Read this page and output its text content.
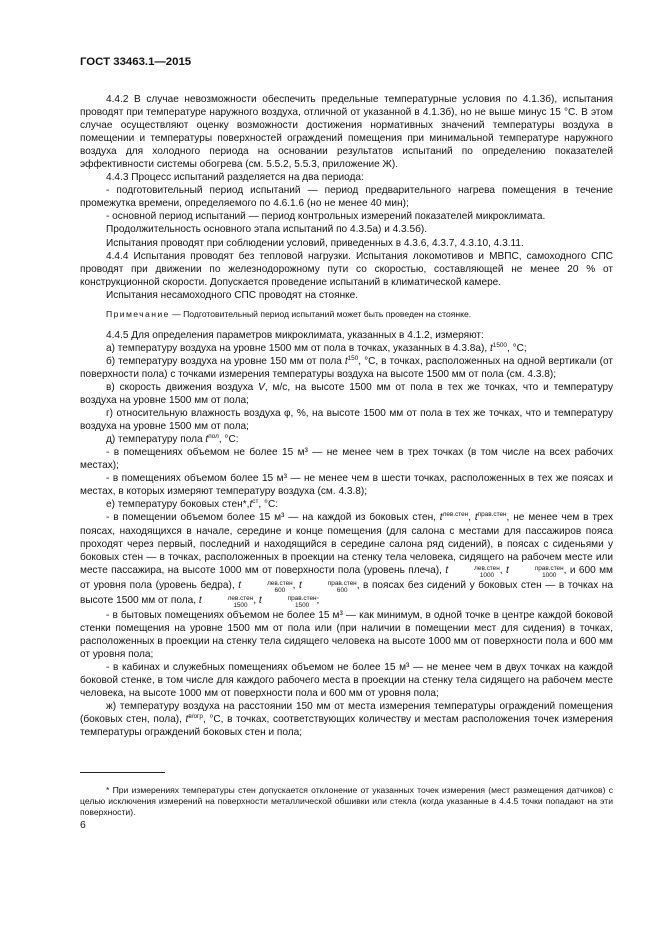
ГОСТ 33463.1—2015

4.4.2 В случае невозможности обеспечить предельные температурные условия по 4.1.3б), испытания проводят при температуре наружного воздуха, отличной от указанной в 4.1.3б), но не выше минус 15 °С. В этом случае осуществляют оценку возможности достижения нормативных значений температуры воздуха в помещении и температуры поверхностей ограждений помещения при минимальной температуре наружного воздуха для холодного периода на основании результатов испытаний по определению показателей эффективности системы обогрева (см. 5.5.2, 5.5.3, приложение Ж).

4.4.3 Процесс испытаний разделяется на два периода:

- подготовительный период испытаний — период предварительного нагрева помещения в течение промежутка времени, определяемого по 4.6.1.6 (но не менее 40 мин);

- основной период испытаний — период контрольных измерений показателей микроклимата.

Продолжительность основного этапа испытаний по 4.3.5а) и 4.3.5б).

Испытания проводят при соблюдении условий, приведенных в 4.3.6, 4.3.7, 4.3.10, 4.3.11.

4.4.4 Испытания проводят без тепловой нагрузки. Испытания локомотивов и МВПС, самоходного СПС проводят при движении по железнодорожному пути со скоростью, составляющей не менее 20 % от конструкционной скорости. Допускается проведение испытаний в климатической камере.

Испытания несамоходного СПС проводят на стоянке.

Примечание — Подготовительный период испытаний может быть проведен на стоянке.

4.4.5 Для определения параметров микроклимата, указанных в 4.1.2, измеряют:

а) температуру воздуха на уровне 1500 мм от пола в точках, указанных в 4.3.8а), $t^{1500}$, °С;

б) температуру воздуха на уровне 150 мм от пола $t^{150}$, °С, в точках, расположенных на одной вертикали (от поверхности пола) с точками измерения температуры воздуха на высоте 1500 мм от пола (см. 4.3.8);

в) скорость движения воздуха V, м/с, на высоте 1500 мм от пола в тех же точках, что и температуру воздуха на уровне 1500 мм от пола;

г) относительную влажность воздуха φ, %, на высоте 1500 мм от пола в тех же точках, что и температуру воздуха на уровне 1500 мм от пола;

д) температуру пола $t^{пол}$, °С:

- в помещениях объемом не более 15 м³ — не менее чем в трех точках (в том числе на всех рабочих местах);

- в помещениях объемом более 15 м³ — не менее чем в шести точках, расположенных в тех же поясах и местах, в которых измеряют температуру воздуха (см. 4.3.8);

е) температуру боковых $стен*,t^{ст}$, °С:

- в помещении объемом более 15 м³ — на каждой из боковых стен, $t^{лев.стен}$, $t^{прав.стен}$, не менее чем в трех поясах, находящихся в начале, середине и конце помещения (для салона с местами для пассажиров пояса проходят через первый, последний и находящийся в середине салона ряд сидений), в поясах с сиденьями у боковых стен — в точках, расположенных в проекции на стенку тела человека, сидящего на рабочем месте или месте пассажира, на высоте 1000 мм от поверхности пола (уровень плеча), t	лев.стен
1000 , t	прав.стен
1000 , и 600 мм от уровня пола (уровень бедра), t	лев.стен
600 , t	прав.стен
600 , в поясах без сидений у боковых стен — в точках на высоте 1500 мм от пола, t	лев.стен
1500 , t	прав.стен
1500 ;

- в бытовых помещениях объемом не более 15 м³ — как минимум, в одной точке в центре каждой боковой стенки помещения на уровне 1500 мм от пола или (при наличии в помещении мест для сидения) в точках, расположенных в проекции на стенку тела сидящего человека на высоте 1000 мм от поверхности пола и 600 мм от уровня пола;

- в кабинах и служебных помещениях объемом не более 15 м³ — не менее чем в двух точках на каждой боковой стенке, в том числе для каждого рабочего места в проекции на стенку тела сидящего на рабочем месте человека, на высоте 1000 мм от поверхности пола и 600 мм от уровня пола;

ж) температуру воздуха на расстоянии 150 мм от места измерения температуры ограждений помещения (боковых стен, пола), $t^{в/огр}$, °С, в точках, соответствующих количеству и местам расположения точек измерения температуры ограждений боковых стен и пола;

* При измерениях температуры стен допускается отклонение от указанных точек измерения (мест размещения датчиков) с целью исключения измерений на поверхности металлической обшивки или стекла (когда указанные в 4.4.5 точки попадают на эти поверхности).

6
